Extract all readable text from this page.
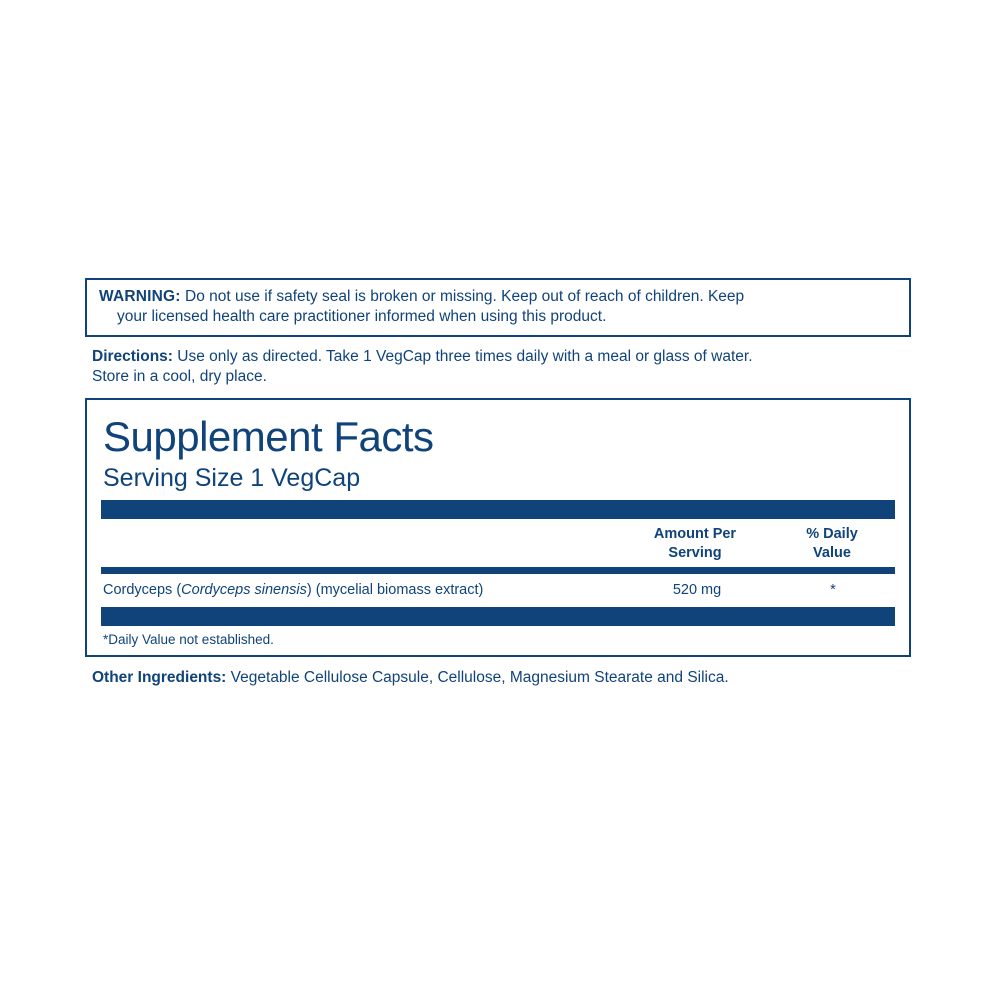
WARNING: Do not use if safety seal is broken or missing. Keep out of reach of children. Keep
your licensed health care practitioner informed when using this product.
Directions: Use only as directed. Take 1 VegCap three times daily with a meal or glass of water.
Store in a cool, dry place.
Supplement Facts
Serving Size 1 VegCap
Amount Per
Serving
% Daily
Value
Cordyceps (Cordyceps sinensis) (mycelial biomass extract)	520 mg	*
*Daily Value not established.
Other Ingredients: Vegetable Cellulose Capsule, Cellulose, Magnesium Stearate and Silica.
